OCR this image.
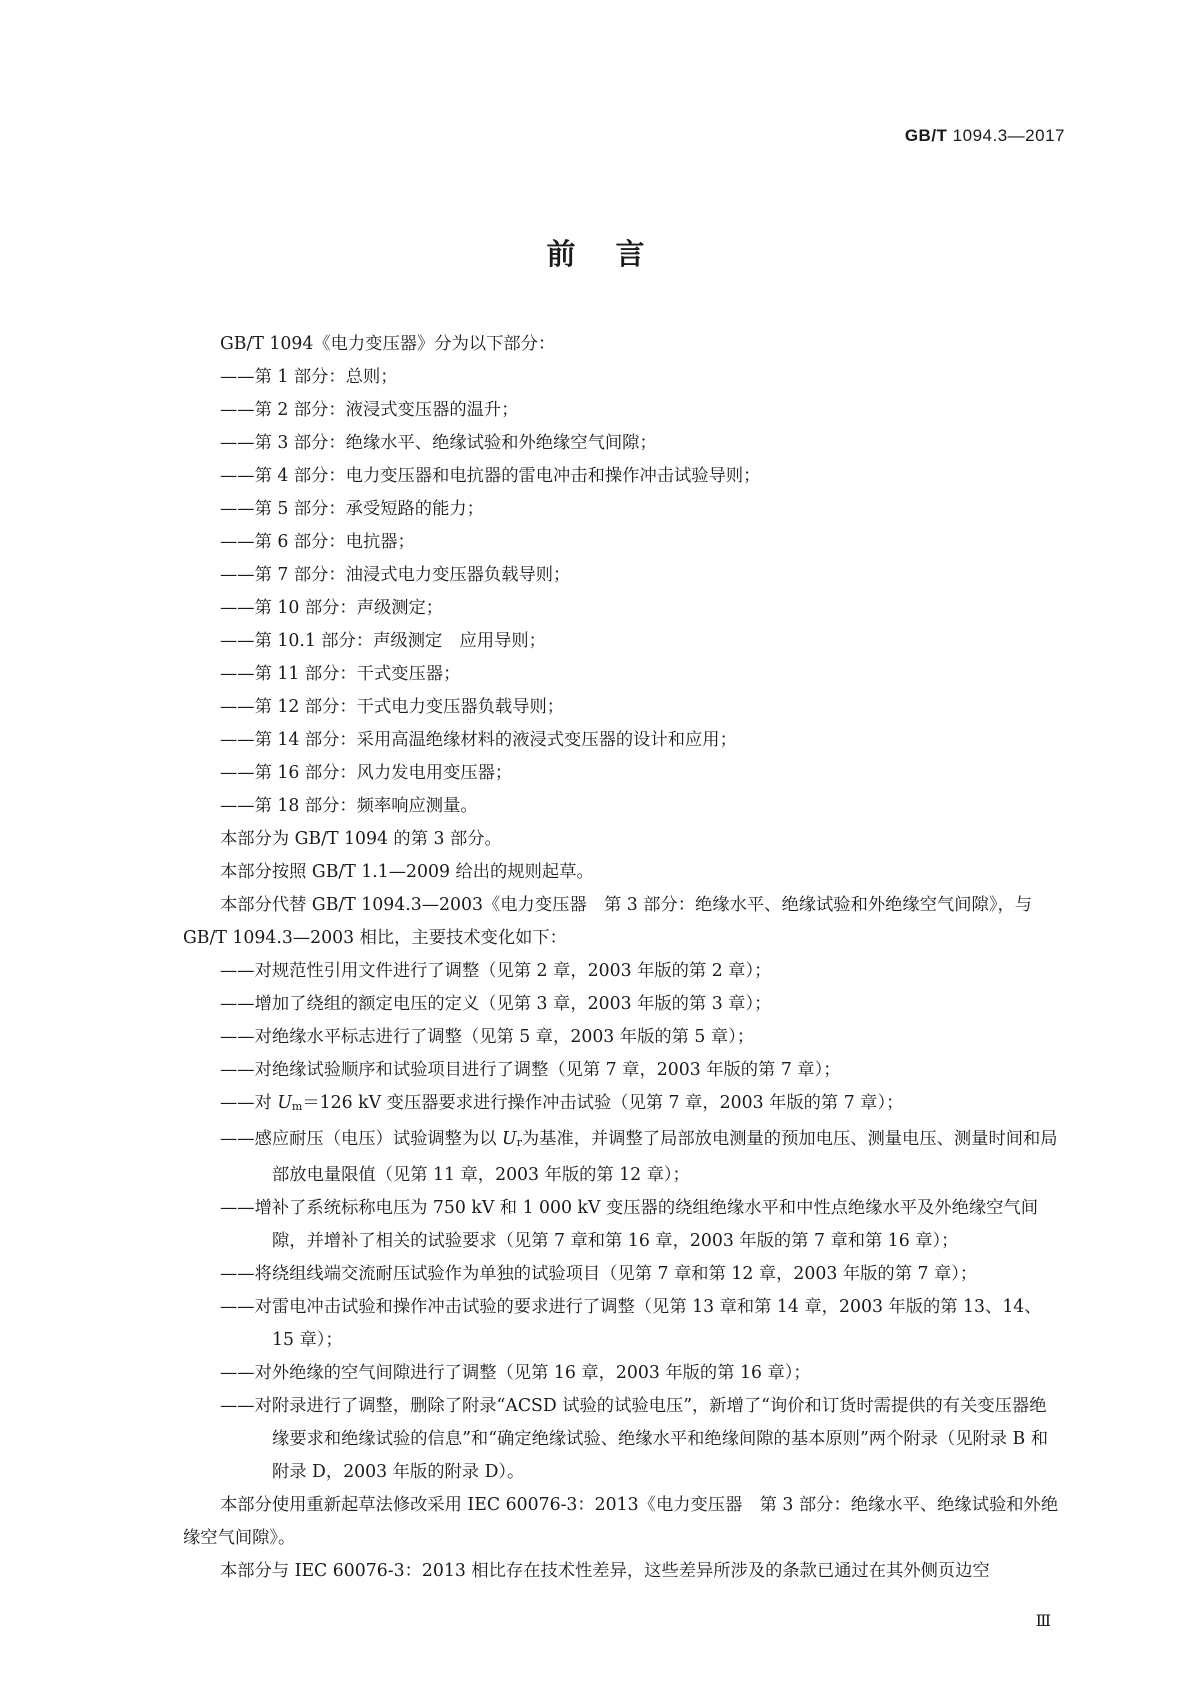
GB/T 1094.3—2017
前言

GB/T 1094《电力变压器》分为以下部分：

——第 1 部分：总则；

——第 2 部分：液浸式变压器的温升；

——第 3 部分：绝缘水平、绝缘试验和外绝缘空气间隙；

——第 4 部分：电力变压器和电抗器的雷电冲击和操作冲击试验导则；

——第 5 部分：承受短路的能力；

——第 6 部分：电抗器；

——第 7 部分：油浸式电力变压器负载导则；

——第 10 部分：声级测定；

——第 10.1 部分：声级测定　应用导则；

——第 11 部分：干式变压器；

——第 12 部分：干式电力变压器负载导则；

——第 14 部分：采用高温绝缘材料的液浸式变压器的设计和应用；

——第 16 部分：风力发电用变压器；

——第 18 部分：频率响应测量。

本部分为 GB/T 1094 的第 3 部分。

本部分按照 GB/T 1.1—2009 给出的规则起草。

本部分代替 GB/T 1094.3—2003《电力变压器　第 3 部分：绝缘水平、绝缘试验和外绝缘空气间隙》，与 GB/T 1094.3—2003 相比，主要技术变化如下：

——对规范性引用文件进行了调整（见第 2 章，2003 年版的第 2 章）；

——增加了绕组的额定电压的定义（见第 3 章，2003 年版的第 3 章）；

——对绝缘水平标志进行了调整（见第 5 章，2003 年版的第 5 章）；

——对绝缘试验顺序和试验项目进行了调整（见第 7 章，2003 年版的第 7 章）；

——对 Um＝126 kV 变压器要求进行操作冲击试验（见第 7 章，2003 年版的第 7 章）；

——感应耐压（电压）试验调整为以 Ur为基准，并调整了局部放电测量的预加电压、测量电压、测量时间和局部放电量限值（见第 11 章，2003 年版的第 12 章）；

——增补了系统标称电压为 750 kV 和 1 000 kV 变压器的绕组绝缘水平和中性点绝缘水平及外绝缘空气间隙，并增补了相关的试验要求（见第 7 章和第 16 章，2003 年版的第 7 章和第 16 章）；

——将绕组线端交流耐压试验作为单独的试验项目（见第 7 章和第 12 章，2003 年版的第 7 章）；

——对雷电冲击试验和操作冲击试验的要求进行了调整（见第 13 章和第 14 章，2003 年版的第 13、14、15 章）；

——对外绝缘的空气间隙进行了调整（见第 16 章，2003 年版的第 16 章）；

——对附录进行了调整，删除了附录“ACSD 试验的试验电压”，新增了“询价和订货时需提供的有关变压器绝缘要求和绝缘试验的信息”和“确定绝缘试验、绝缘水平和绝缘间隙的基本原则”两个附录（见附录 B 和附录 D，2003 年版的附录 D）。

本部分使用重新起草法修改采用 IEC 60076-3：2013《电力变压器　第 3 部分：绝缘水平、绝缘试验和外绝缘空气间隙》。

本部分与 IEC 60076-3：2013 相比存在技术性差异，这些差异所涉及的条款已通过在其外侧页边空

Ⅲ
